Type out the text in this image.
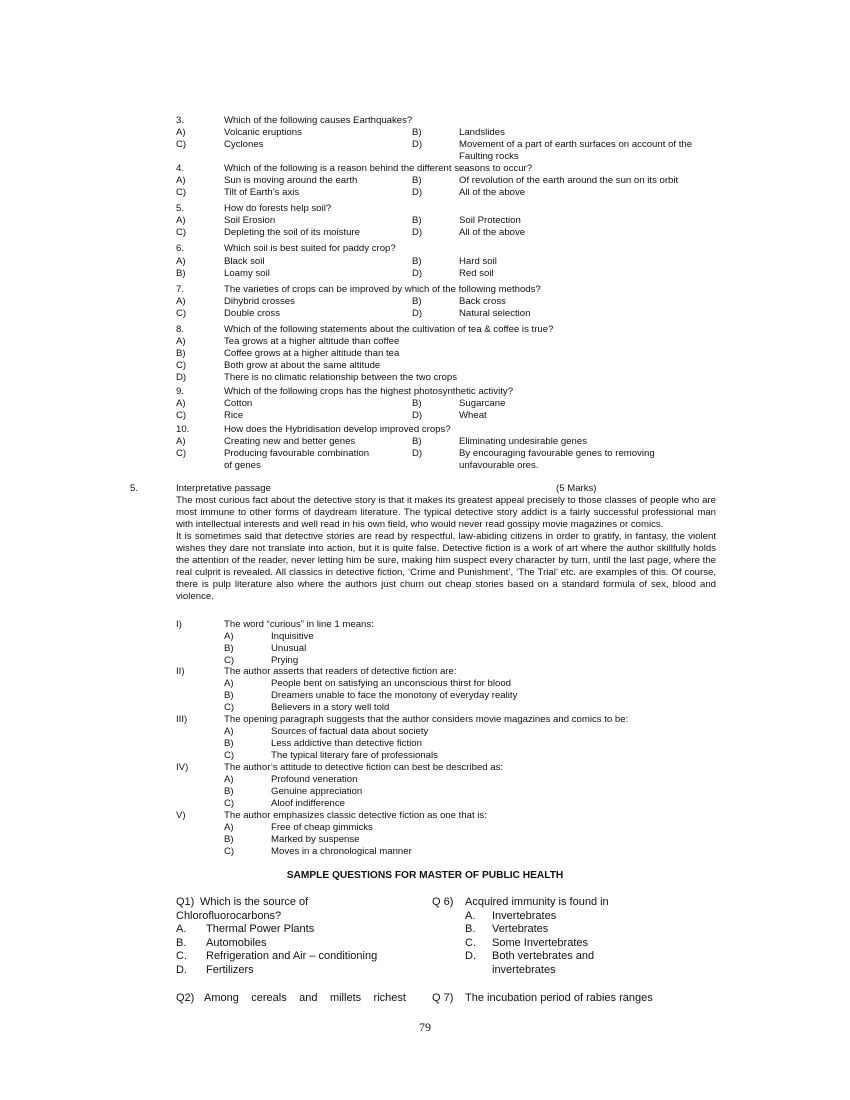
3.	Which of the following causes Earthquakes?
A)	Volcanic eruptions	B)	Landslides
C)	Cyclones	D)	Movement of a part of earth surfaces on account of the
Faulting rocks
4.	Which of the following is a reason behind the different seasons to occur?
A)	Sun is moving around the earth	B)	Of revolution of the earth around the sun on its orbit
C)	Tilt of Earth’s axis	D)	All of the above
5.	How do forests help soil?
A)	Soil Erosion	B)	Soil Protection
C)	Depleting the soil of its moisture	D)	All of the above
6.	Which soil is best suited for paddy crop?
A)	Black soil	B)	Hard soil
B)	Loamy soil	D)	Red soil
7.	The varieties of crops can be improved by which of the following methods?
A)	Dihybrid crosses	B)	Back cross
C)	Double cross	D)	Natural selection
8.	Which of the following statements about the cultivation of tea & coffee is true?
A)	Tea grows at a higher altitude than coffee
B)	Coffee grows at a higher altitude than tea
C)	Both grow at about the same altitude
D)	There is no climatic relationship between the two crops
9.	Which of the following crops has the highest photosynthetic activity?
A)	Cotton	B)	Sugarcane
C)	Rice	D)	Wheat
10.	How does the Hybridisation develop improved crops?
A)	Creating new and better genes	B)	Eliminating undesirable genes
C)	Producing favourable combination
of genes
D)	By encouraging favourable genes to removing
unfavourable ores.
5.	Interpretative passage	(5 Marks)

The most curious fact about the detective story is that it makes its greatest appeal precisely to those classes of people who are most immune to other forms of daydream literature. The typical detective story addict is a fairly successful professional man with intellectual interests and well read in his own field, who would never read gossipy movie magazines or comics.

It is sometimes said that detective stories are read by respectful, law-abiding citizens in order to gratify, in fantasy, the violent wishes they dare not translate into action, but it is quite false. Detective fiction is a work of art where the author skillfully holds the attention of the reader, never letting him be sure, making him suspect every character by turn, until the last page, where the real culprit is revealed. All classics in detective fiction, ‘Crime and Punishment’, ‘The Trial’ etc. are examples of this. Of course, there is pulp literature also where the authors just churn out cheap stories based on a standard formula of sex, blood and violence.

I)	The word “curious” in line 1 means:
A)	Inquisitive
B)	Unusual
C)	Prying
II)	The author asserts that readers of detective fiction are:
A)	People bent on satisfying an unconscious thirst for blood
B)	Dreamers unable to face the monotony of everyday reality
C)	Believers in a story well told
III)	The opening paragraph suggests that the author considers movie magazines and comics to be:
A)	Sources of factual data about society
B)	Less addictive than detective fiction
C)	The typical literary fare of professionals
IV)	The author’s attitude to detective fiction can best be described as:
A)	Profound veneration
B)	Genuine appreciation
C)	Aloof indifference
V)	The author emphasizes classic detective fiction as one that is:
A)	Free of cheap gimmicks
B)	Marked by suspense
C)	Moves in a chronological manner
SAMPLE QUESTIONS FOR MASTER OF PUBLIC HEALTH
Q1) Which is the source of
Chlorofluorocarbons?
A. Thermal Power Plants
B. Automobiles
C. Refrigeration and Air – conditioning
D. Fertilizers
Q 6) Acquired immunity is found in
A. Invertebrates
B. Vertebrates
C. Some Invertebrates
D. Both vertebrates and
invertebrates
Q2) Among cereals and millets richest Q 7) The incubation period of rabies ranges
79
